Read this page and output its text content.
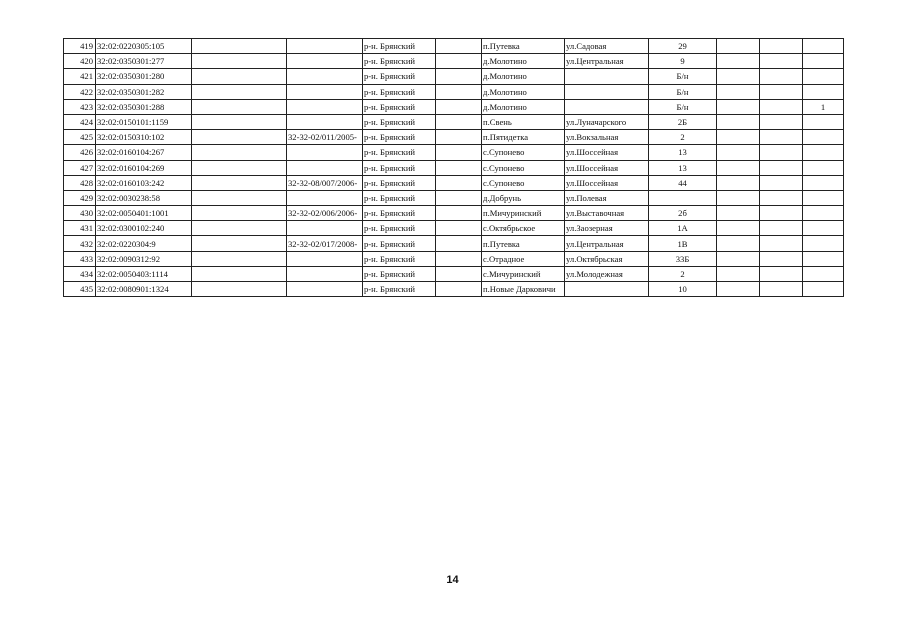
419	32:02:0220305:105			р-н. Брянский		п.Путевка	ул.Садовая	29			
420	32:02:0350301:277			р-н. Брянский		д.Молотино	ул.Центральная	9			
421	32:02:0350301:280			р-н. Брянский		д.Молотино		Б/н			
422	32:02:0350301:282			р-н. Брянский		д.Молотино		Б/н			
423	32:02:0350301:288			р-н. Брянский		д.Молотино		Б/н			1
424	32:02:0150101:1159			р-н. Брянский		п.Свень	ул.Луначарского	2Б			
425	32:02:0150310:102		32-32-02/011/2005-	р-н. Брянский		п.Пятидетка	ул.Вокзальная	2			
426	32:02:0160104:267			р-н. Брянский		с.Супонево	ул.Шоссейная	13			
427	32:02:0160104:269			р-н. Брянский		с.Супонево	ул.Шоссейная	13			
428	32:02:0160103:242		32-32-08/007/2006-	р-н. Брянский		с.Супонево	ул.Шоссейная	44			
429	32:02:0030238:58			р-н. Брянский		д.Добрунь	ул.Полевая				
430	32:02:0050401:1001		32-32-02/006/2006-	р-н. Брянский		п.Мичуринский	ул.Выставочная	2б			
431	32:02:0300102:240			р-н. Брянский		с.Октябрьское	ул.Заозерная	1А			
432	32:02:0220304:9		32-32-02/017/2008-	р-н. Брянский		п.Путевка	ул.Центральная	1В			
433	32:02:0090312:92			р-н. Брянский		с.Отрадное	ул.Октябрьская	33Б			
434	32:02:0050403:1114			р-н. Брянский		с.Мичуринский	ул.Молодежная	2			
435	32:02:0080901:1324			р-н. Брянский		п.Новые Дарковичи		10			
14
